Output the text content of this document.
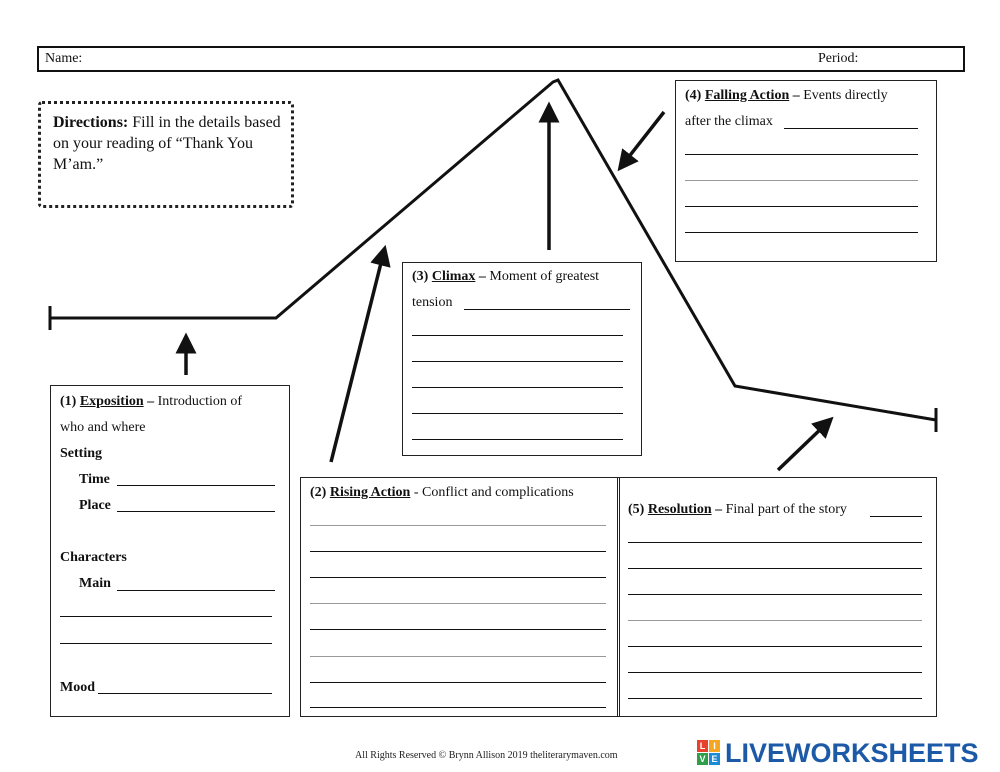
Name:	Period:
Directions: Fill in the details based on your reading of “Thank You M’am.”
(1) Exposition – Introduction of
who and where
Setting
Time
Place
Characters
Main
Mood
(2) Rising Action - Conflict and complications
(5) Resolution – Final part of the story
(3) Climax – Moment of greatest
tension
(4) Falling Action – Events directly
after the climax
All Rights Reserved © Brynn Allison 2019 theliterarymaven.com
L I
V E LIVEWORKSHEETS
